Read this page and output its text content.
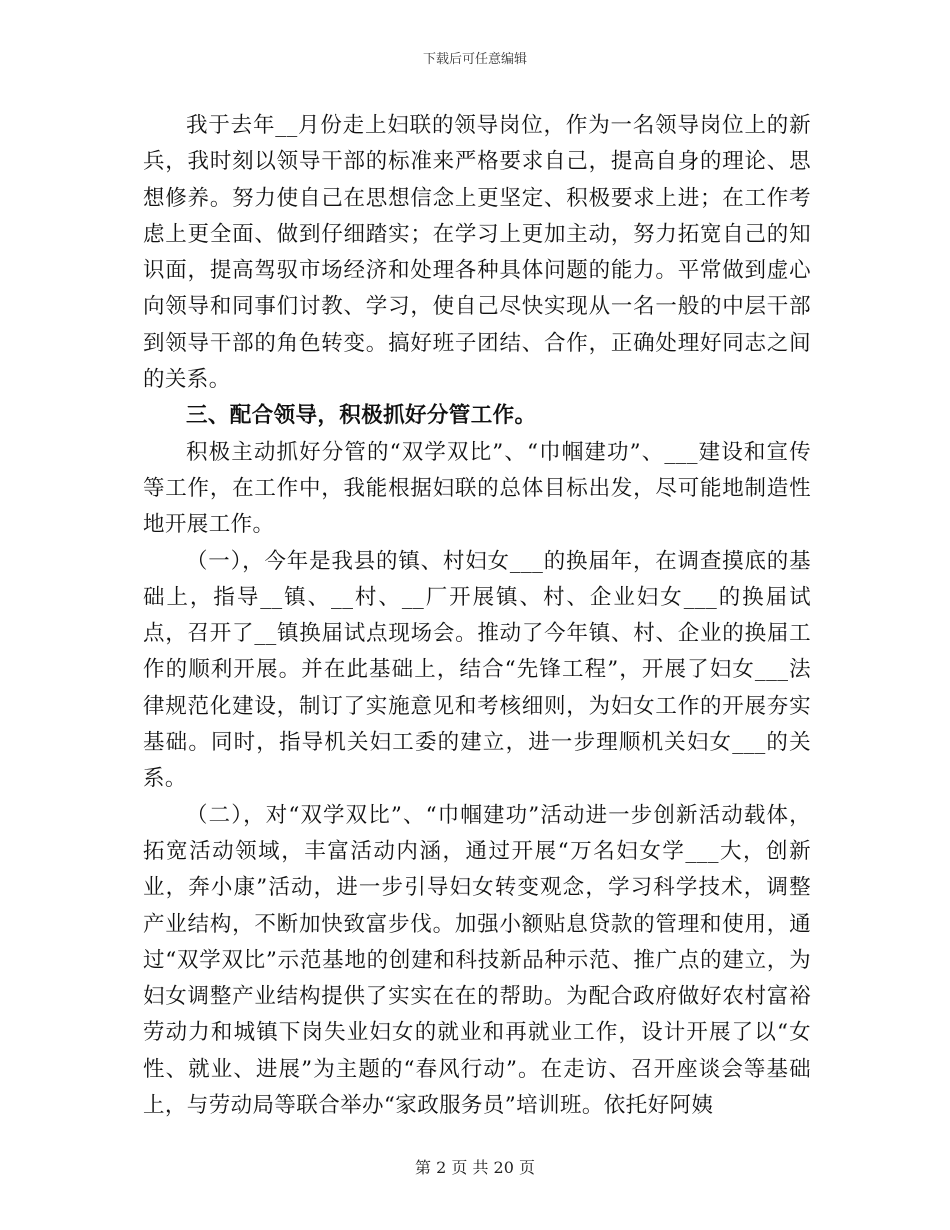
下载后可任意编辑

我于去年__月份走上妇联的领导岗位，作为一名领导岗位上的新兵，我时刻以领导干部的标准来严格要求自己，提高自身的理论、思想修养。努力使自己在思想信念上更坚定、积极要求上进；在工作考虑上更全面、做到仔细踏实；在学习上更加主动，努力拓宽自己的知识面，提高驾驭市场经济和处理各种具体问题的能力。平常做到虚心向领导和同事们讨教、学习，使自己尽快实现从一名一般的中层干部到领导干部的角色转变。搞好班子团结、合作，正确处理好同志之间的关系。

三、配合领导，积极抓好分管工作。

积极主动抓好分管的“双学双比”、“巾帼建功”、___建设和宣传等工作，在工作中，我能根据妇联的总体目标出发，尽可能地制造性地开展工作。

（一），今年是我县的镇、村妇女___的换届年，在调查摸底的基础上，指导__镇、__村、__厂开展镇、村、企业妇女___的换届试点，召开了__镇换届试点现场会。推动了今年镇、村、企业的换届工作的顺利开展。并在此基础上，结合“先锋工程”，开展了妇女___法律规范化建设，制订了实施意见和考核细则，为妇女工作的开展夯实基础。同时，指导机关妇工委的建立，进一步理顺机关妇女___的关系。

（二），对“双学双比”、“巾帼建功”活动进一步创新活动载体，拓宽活动领域，丰富活动内涵，通过开展“万名妇女学___大，创新业，奔小康”活动，进一步引导妇女转变观念，学习科学技术，调整产业结构，不断加快致富步伐。加强小额贴息贷款的管理和使用，通过“双学双比”示范基地的创建和科技新品种示范、推广点的建立，为妇女调整产业结构提供了实实在在的帮助。为配合政府做好农村富裕劳动力和城镇下岗失业妇女的就业和再就业工作，设计开展了以“女性、就业、进展”为主题的“春风行动”。在走访、召开座谈会等基础上，与劳动局等联合举办“家政服务员”培训班。依托好阿姨

第 2 页 共 20 页
